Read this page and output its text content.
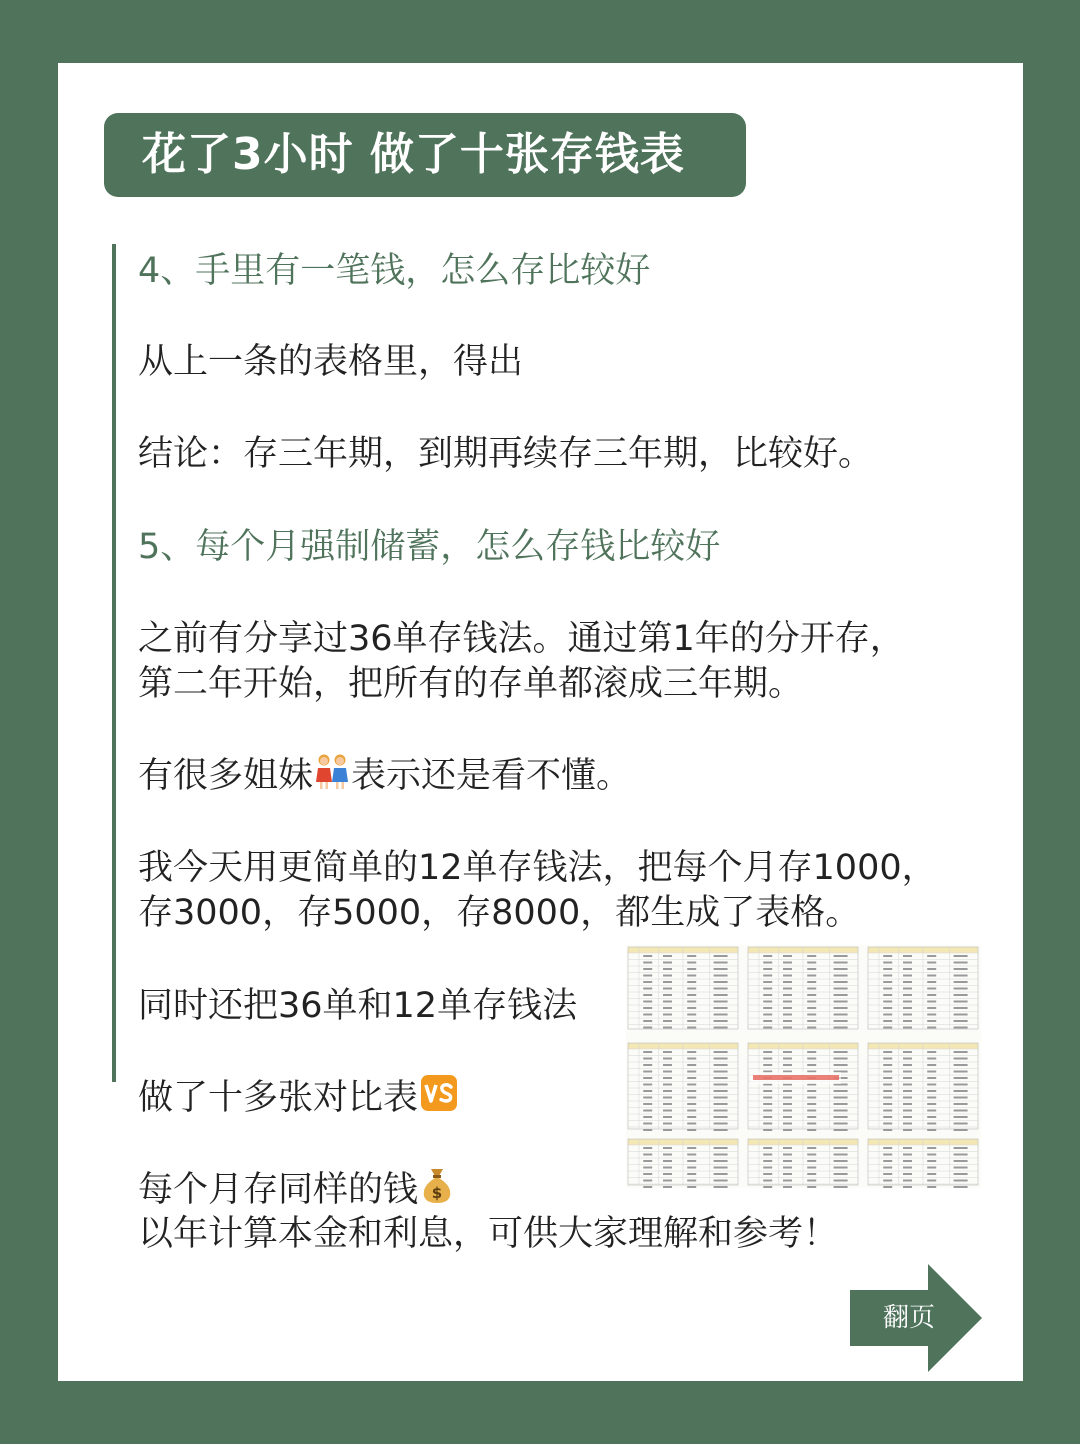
花了3小时 做了十张存钱表

4、手里有一笔钱，怎么存比较好

从上一条的表格里，得出

结论：存三年期，到期再续存三年期，比较好。

5、每个月强制储蓄，怎么存钱比较好

之前有分享过36单存钱法。通过第1年的分开存，

第二年开始，把所有的存单都滚成三年期。

有很多姐妹 表示还是看不懂。

我今天用更简单的12单存钱法，把每个月存1000，

存3000，存5000，存8000，都生成了表格。

同时还把36单和12单存钱法

做了十多张对比表

每个月存同样的钱 $

以年计算本金和利息，可供大家理解和参考！

翻页
